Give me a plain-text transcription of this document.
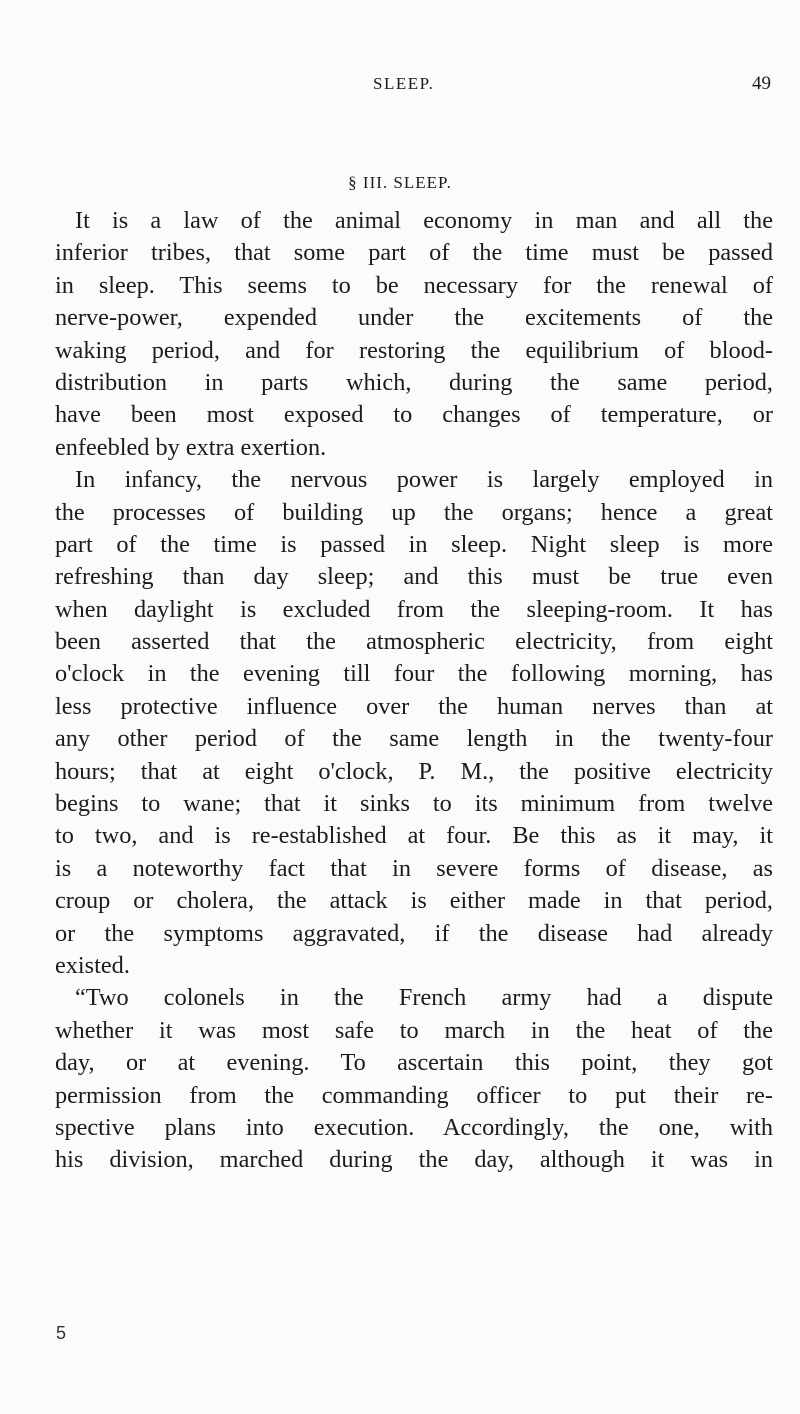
SLEEP.	49
§ III. SLEEP.
It is a law of the animal economy in man and all the
inferior tribes, that some part of the time must be passed
in sleep. This seems to be necessary for the renewal of
nerve-power, expended under the excitements of the
waking period, and for restoring the equilibrium of blood-
distribution in parts which, during the same period,
have been most exposed to changes of temperature, or
enfeebled by extra exertion.
In infancy, the nervous power is largely employed in
the processes of building up the organs; hence a great
part of the time is passed in sleep. Night sleep is more
refreshing than day sleep; and this must be true even
when daylight is excluded from the sleeping-room. It has
been asserted that the atmospheric electricity, from eight
o'clock in the evening till four the following morning, has
less protective influence over the human nerves than at
any other period of the same length in the twenty-four
hours; that at eight o'clock, P. M., the positive electricity
begins to wane; that it sinks to its minimum from twelve
to two, and is re-established at four. Be this as it may, it
is a noteworthy fact that in severe forms of disease, as
croup or cholera, the attack is either made in that period,
or the symptoms aggravated, if the disease had already
existed.
“Two colonels in the French army had a dispute
whether it was most safe to march in the heat of the
day, or at evening. To ascertain this point, they got
permission from the commanding officer to put their re-
spective plans into execution. Accordingly, the one, with
his division, marched during the day, although it was in
5
